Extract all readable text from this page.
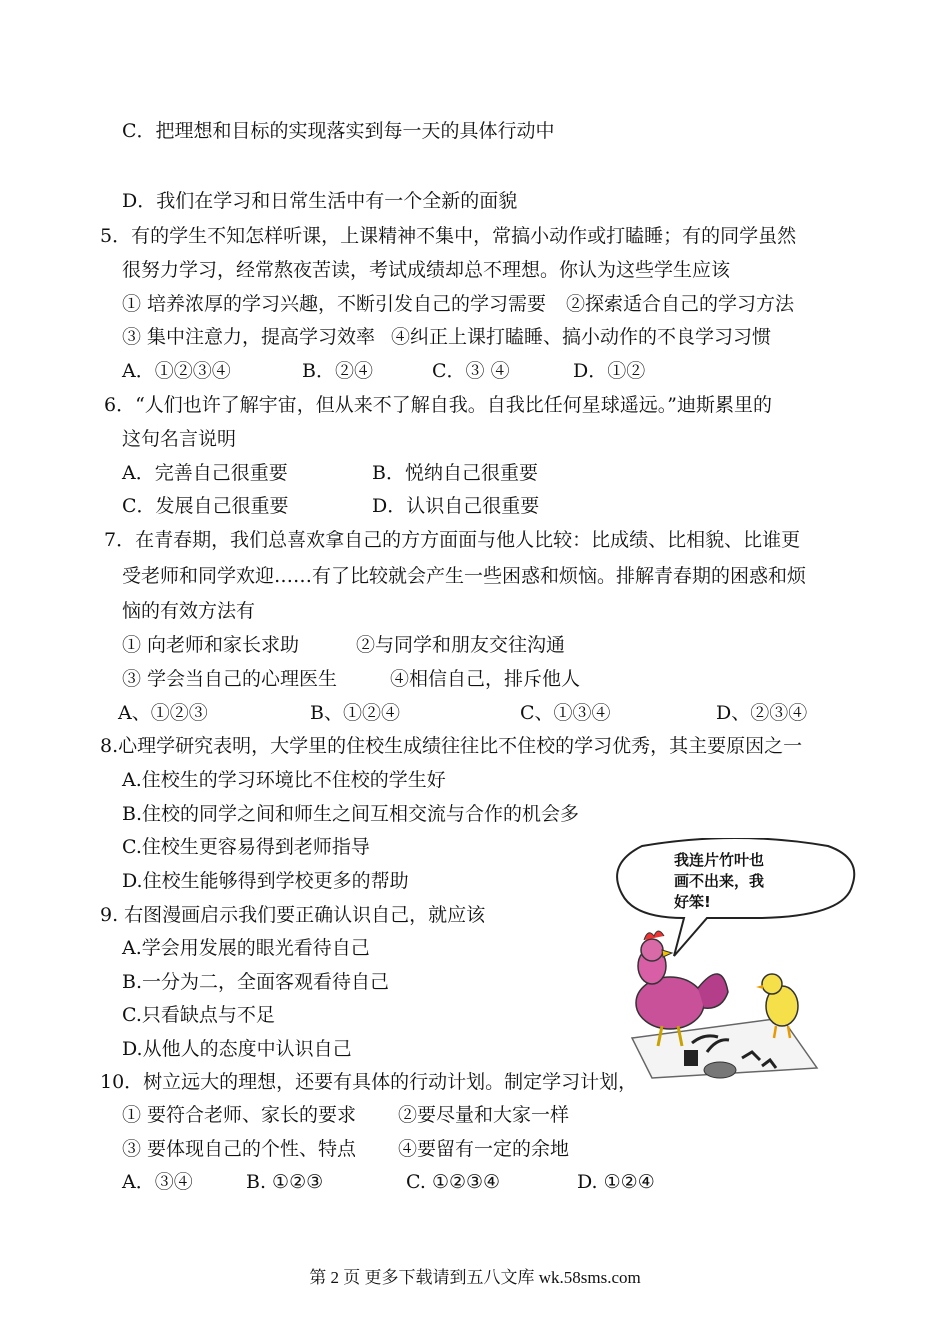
C．把理想和目标的实现落实到每一天的具体行动中
D．我们在学习和日常生活中有一个全新的面貌
5．有的学生不知怎样听课，上课精神不集中，常搞小动作或打瞌睡；有的同学虽然
很努力学习，经常熬夜苦读，考试成绩却总不理想。你认为这些学生应该
① 培养浓厚的学习兴趣，不断引发自己的学习需要 ②探索适合自己的学习方法
③ 集中注意力，提高学习效率 ④纠正上课打瞌睡、搞小动作的不良学习习惯
A．①②③④	B．②④	C．③ ④	D．①②
6．“人们也许了解宇宙，但从来不了解自我。自我比任何星球遥远。”迪斯累里的
这句名言说明
A．完善自己很重要	B．悦纳自己很重要
C．发展自己很重要	D．认识自己很重要
7．在青春期，我们总喜欢拿自己的方方面面与他人比较：比成绩、比相貌、比谁更
受老师和同学欢迎……有了比较就会产生一些困惑和烦恼。排解青春期的困惑和烦
恼的有效方法有
① 向老师和家长求助	②与同学和朋友交往沟通
③ 学会当自己的心理医生	④相信自己，排斥他人
A、①②③	B、①②④	C、①③④	D、②③④
8.心理学研究表明，大学里的住校生成绩往往比不住校的学习优秀，其主要原因之一
A.住校生的学习环境比不住校的学生好
B.住校的同学之间和师生之间互相交流与合作的机会多
C.住校生更容易得到老师指导
D.住校生能够得到学校更多的帮助
9. 右图漫画启示我们要正确认识自己，就应该
A.学会用发展的眼光看待自己
B.一分为二，全面客观看待自己
C.只看缺点与不足
D.从他人的态度中认识自己
10．树立远大的理想，还要有具体的行动计划。制定学习计划，
① 要符合老师、家长的要求 ②要尽量和大家一样
③ 要体现自己的个性、特点 ④要留有一定的余地
A．③④	B. ①②③	C. ①②③④	D. ①②④
我连片竹叶也
画不出来，我
好笨!
第 2 页 更多下载请到五八文库 wk.58sms.com
